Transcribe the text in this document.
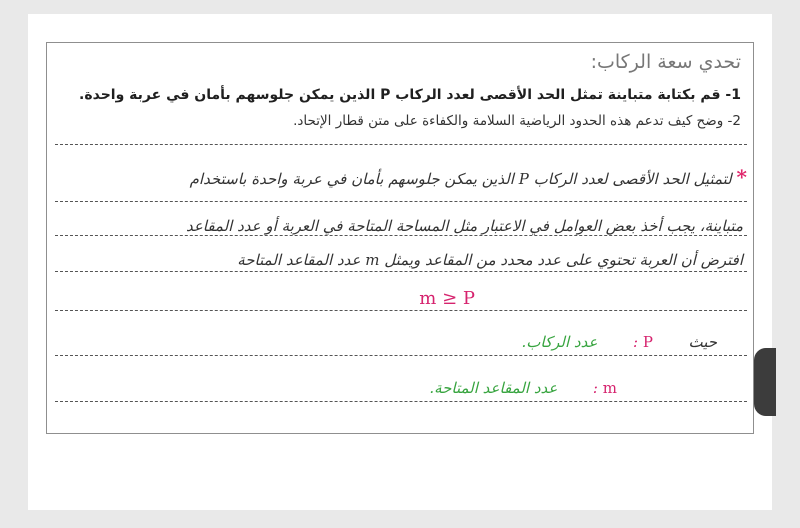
تحدي سعة الركاب:
1- قم بكتابة متباينة تمثل الحد الأقصى لعدد الركاب P الذين يمكن جلوسهم بأمان في عربة واحدة.
2- وضح كيف تدعم هذه الحدود الرياضية السلامة والكفاءة على متن قطار الإتحاد.
* لتمثيل الحد الأقصى لعدد الركاب P الذين يمكن جلوسهم بأمان في عربة واحدة باستخدام
متباينة، يجب أخذ بعض العوامل في الاعتبار مثل المساحة المتاحة في العربة أو عدد المقاعد
افترض أن العربة تحتوي على عدد محدد من المقاعد ويمثل m عدد المقاعد المتاحة
m ≥ P
حيث  P :  عدد الركاب.
m :  عدد المقاعد المتاحة.
